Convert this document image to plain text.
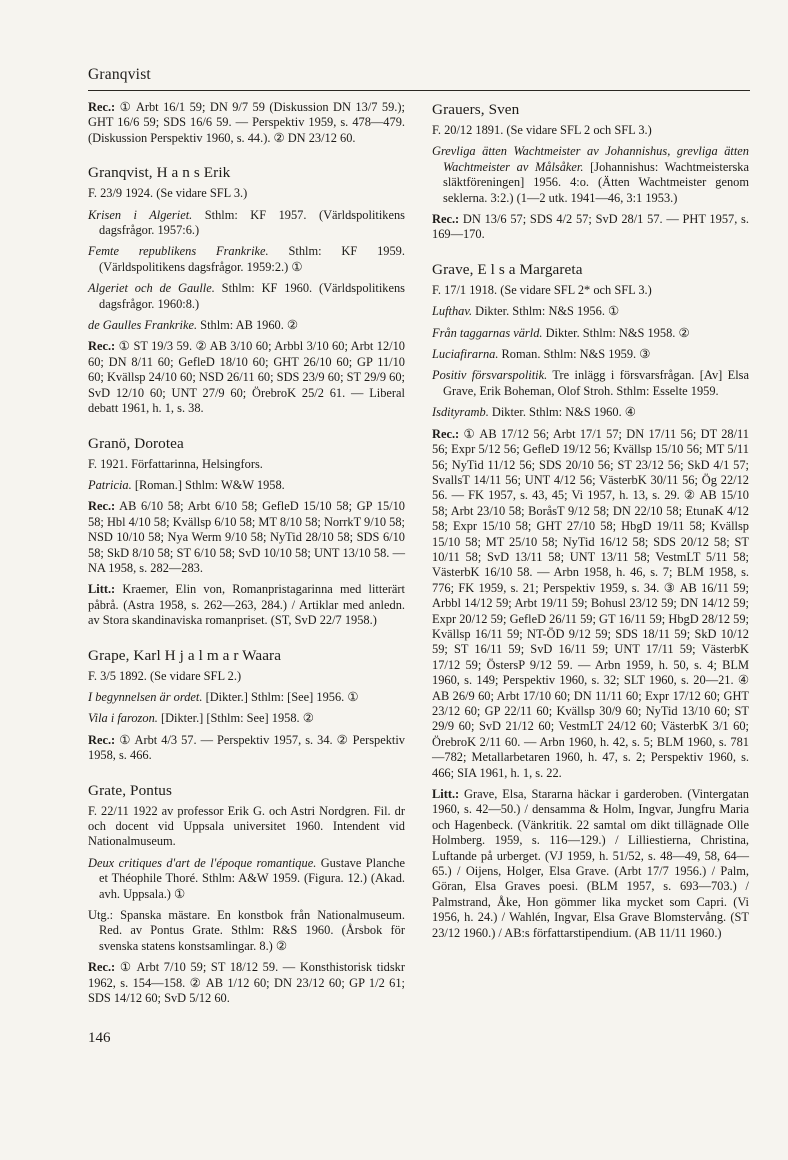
Granqvist

Rec.: ① Arbt 16/1 59; DN 9/7 59 (Diskussion DN 13/7 59.); GHT 16/6 59; SDS 16/6 59. — Perspektiv 1959, s. 478—479. (Diskussion Perspektiv 1960, s. 44.). ② DN 23/12 60.

Granqvist, H a n s Erik

F. 23/9 1924. (Se vidare SFL 3.)

Krisen i Algeriet. Sthlm: KF 1957. (Världspolitikens dagsfrågor. 1957:6.)

Femte republikens Frankrike. Sthlm: KF 1959. (Världspolitikens dagsfrågor. 1959:2.) ①

Algeriet och de Gaulle. Sthlm: KF 1960. (Världspolitikens dagsfrågor. 1960:8.)

de Gaulles Frankrike. Sthlm: AB 1960. ②

Rec.: ① ST 19/3 59. ② AB 3/10 60; Arbbl 3/10 60; Arbt 12/10 60; DN 8/11 60; GefleD 18/10 60; GHT 26/10 60; GP 11/10 60; Kvällsp 24/10 60; NSD 26/11 60; SDS 23/9 60; ST 29/9 60; SvD 12/10 60; UNT 27/9 60; ÖrebroK 25/2 61. — Liberal debatt 1961, h. 1, s. 38.

Granö, Dorotea

F. 1921. Författarinna, Helsingfors.

Patricia. [Roman.] Sthlm: W&W 1958.

Rec.: AB 6/10 58; Arbt 6/10 58; GefleD 15/10 58; GP 15/10 58; Hbl 4/10 58; Kvällsp 6/10 58; MT 8/10 58; NorrkT 9/10 58; NSD 10/10 58; Nya Werm 9/10 58; NyTid 28/10 58; SDS 6/10 58; SkD 8/10 58; ST 6/10 58; SvD 10/10 58; UNT 13/10 58. — NA 1958, s. 282—283.

Litt.: Kraemer, Elin von, Romanpristagarinna med litterärt påbrå. (Astra 1958, s. 262—263, 284.) / Artiklar med anledn. av Stora skandinaviska romanpriset. (ST, SvD 22/7 1958.)

Grape, Karl H j a l m a r Waara

F. 3/5 1892. (Se vidare SFL 2.)

I begynnelsen är ordet. [Dikter.] Sthlm: [See] 1956. ①

Vila i farozon. [Dikter.] [Sthlm: See] 1958. ②

Rec.: ① Arbt 4/3 57. — Perspektiv 1957, s. 34. ② Perspektiv 1958, s. 466.

Grate, Pontus

F. 22/11 1922 av professor Erik G. och Astri Nordgren. Fil. dr och docent vid Uppsala universitet 1960. Intendent vid Nationalmuseum.

Deux critiques d'art de l'époque romantique. Gustave Planche et Théophile Thoré. Sthlm: A&W 1959. (Figura. 12.) (Akad. avh. Uppsala.) ①

Utg.: Spanska mästare. En konstbok från Nationalmuseum. Red. av Pontus Grate. Sthlm: R&S 1960. (Årsbok för svenska statens konstsamlingar. 8.) ②

Rec.: ① Arbt 7/10 59; ST 18/12 59. — Konsthistorisk tidskr 1962, s. 154—158. ② AB 1/12 60; DN 23/12 60; GP 1/2 61; SDS 14/12 60; SvD 5/12 60.

Grauers, Sven

F. 20/12 1891. (Se vidare SFL 2 och SFL 3.)

Grevliga ätten Wachtmeister av Johannishus, grevliga ätten Wachtmeister av Målsåker. [Johannishus: Wachtmeisterska släktföreningen] 1956. 4:o. (Ätten Wachtmeister genom seklerna. 3:2.) (1—2 utk. 1941—46, 3:1 1953.)

Rec.: DN 13/6 57; SDS 4/2 57; SvD 28/1 57. — PHT 1957, s. 169—170.

Grave, E l s a Margareta

F. 17/1 1918. (Se vidare SFL 2* och SFL 3.)

Lufthav. Dikter. Sthlm: N&S 1956. ①

Från taggarnas värld. Dikter. Sthlm: N&S 1958. ②

Luciafirarna. Roman. Sthlm: N&S 1959. ③

Positiv försvarspolitik. Tre inlägg i försvarsfrågan. [Av] Elsa Grave, Erik Boheman, Olof Stroh. Sthlm: Esselte 1959.

Isdityramb. Dikter. Sthlm: N&S 1960. ④

Rec.: ① AB 17/12 56; Arbt 17/1 57; DN 17/11 56; DT 28/11 56; Expr 5/12 56; GefleD 19/12 56; Kvällsp 15/10 56; MT 5/11 56; NyTid 11/12 56; SDS 20/10 56; ST 23/12 56; SkD 4/1 57; SvallsT 14/11 56; UNT 4/12 56; VästerbK 30/11 56; Ög 22/12 56. — FK 1957, s. 43, 45; Vi 1957, h. 13, s. 29. ② AB 15/10 58; Arbt 23/10 58; BoråsT 9/12 58; DN 22/10 58; EtunaK 4/12 58; Expr 15/10 58; GHT 27/10 58; HbgD 19/11 58; Kvällsp 15/10 58; MT 25/10 58; NyTid 16/12 58; SDS 20/12 58; ST 10/11 58; SvD 13/11 58; UNT 13/11 58; VestmLT 5/11 58; VästerbK 16/10 58. — Arbn 1958, h. 46, s. 7; BLM 1958, s. 776; FK 1959, s. 21; Perspektiv 1959, s. 34. ③ AB 16/11 59; Arbbl 14/12 59; Arbt 19/11 59; Bohusl 23/12 59; DN 14/12 59; Expr 20/12 59; GefleD 26/11 59; GT 16/11 59; HbgD 28/12 59; Kvällsp 16/11 59; NT-ÖD 9/12 59; SDS 18/11 59; SkD 10/12 59; ST 16/11 59; SvD 16/11 59; UNT 17/11 59; VästerbK 17/12 59; ÖstersP 9/12 59. — Arbn 1959, h. 50, s. 4; BLM 1960, s. 149; Perspektiv 1960, s. 32; SLT 1960, s. 20—21. ④ AB 26/9 60; Arbt 17/10 60; DN 11/11 60; Expr 17/12 60; GHT 23/12 60; GP 22/11 60; Kvällsp 30/9 60; NyTid 13/10 60; ST 29/9 60; SvD 21/12 60; VestmLT 24/12 60; VästerbK 3/1 60; ÖrebroK 2/11 60. — Arbn 1960, h. 42, s. 5; BLM 1960, s. 781—782; Metallarbetaren 1960, h. 47, s. 2; Perspektiv 1960, s. 466; SIA 1961, h. 1, s. 22.

Litt.: Grave, Elsa, Stararna häckar i garderoben. (Vintergatan 1960, s. 42—50.) / densamma & Holm, Ingvar, Jungfru Maria och Hagenbeck. (Vänkritik. 22 samtal om dikt tillägnade Olle Holmberg. 1959, s. 116—129.) / Lilliestierna, Christina, Luftande på urberget. (VJ 1959, h. 51/52, s. 48—49, 58, 64—65.) / Oijens, Holger, Elsa Grave. (Arbt 17/7 1956.) / Palm, Göran, Elsa Graves poesi. (BLM 1957, s. 693—703.) / Palmstrand, Åke, Hon gömmer lika mycket som Capri. (Vi 1956, h. 24.) / Wahlén, Ingvar, Elsa Grave Blomstervång. (ST 23/12 1960.) / AB:s författarstipendium. (AB 11/11 1960.)

146
